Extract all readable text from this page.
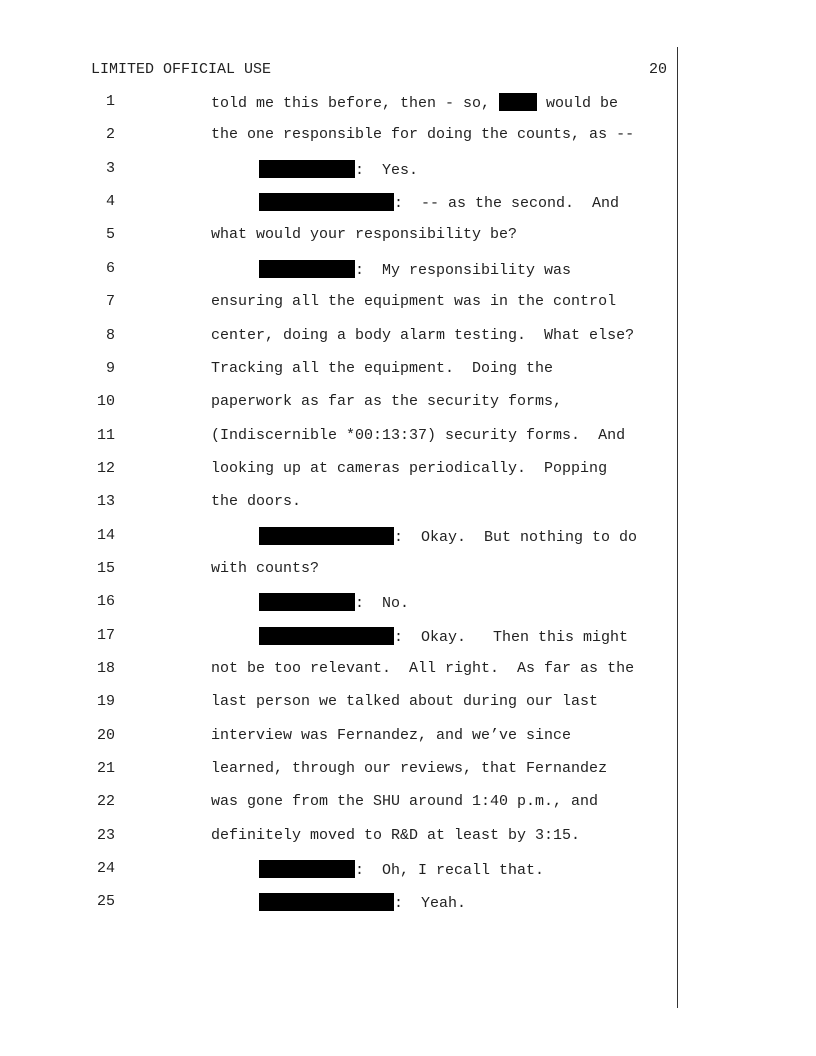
LIMITED OFFICIAL USE	20
1	told me this before, then - so,	would be
2	the one responsible for doing the counts, as --
3	:  Yes.
4	:  -- as the second.  And
5	what would your responsibility be?
6	:  My responsibility was
7	ensuring all the equipment was in the control
8	center, doing a body alarm testing.  What else?
9	Tracking all the equipment.  Doing the
10	paperwork as far as the security forms,
11	(Indiscernible *00:13:37) security forms.  And
12	looking up at cameras periodically.  Popping
13	the doors.
14	:  Okay.  But nothing to do
15	with counts?
16	:  No.
17	:  Okay.   Then this might
18	not be too relevant.  All right.  As far as the
19	last person we talked about during our last
20	interview was Fernandez, and we’ve since
21	learned, through our reviews, that Fernandez
22	was gone from the SHU around 1:40 p.m., and
23	definitely moved to R&D at least by 3:15.
24	:  Oh, I recall that.
25	:  Yeah.
